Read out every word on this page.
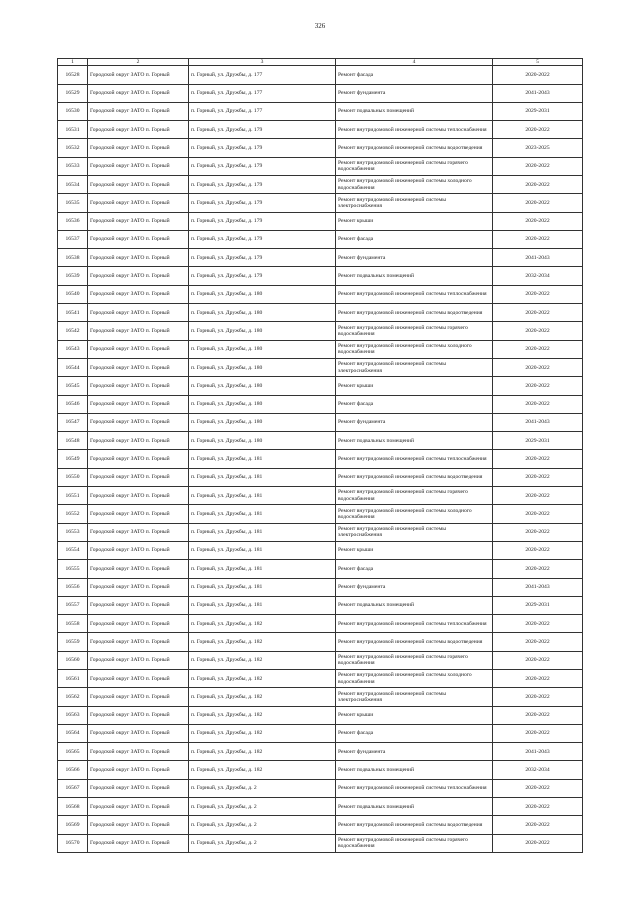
326
1	2	3	4	5
16528	Городской округ ЗАТО п. Горный	п. Горный, ул. Дружбы, д. 177	Ремонт фасада	2020-2022
16529	Городской округ ЗАТО п. Горный	п. Горный, ул. Дружбы, д. 177	Ремонт фундамента	2041-2043
16530	Городской округ ЗАТО п. Горный	п. Горный, ул. Дружбы, д. 177	Ремонт подвальных помещений	2029-2031
16531	Городской округ ЗАТО п. Горный	п. Горный, ул. Дружбы, д. 179	Ремонт внутридомовой инженерной системы теплоснабжения	2020-2022
16532	Городской округ ЗАТО п. Горный	п. Горный, ул. Дружбы, д. 179	Ремонт внутридомовой инженерной системы водоотведения	2023-2025
16533	Городской округ ЗАТО п. Горный	п. Горный, ул. Дружбы, д. 179	Ремонт внутридомовой инженерной системы горячего водоснабжения	2020-2022
16534	Городской округ ЗАТО п. Горный	п. Горный, ул. Дружбы, д. 179	Ремонт внутридомовой инженерной системы холодного водоснабжения	2020-2022
16535	Городской округ ЗАТО п. Горный	п. Горный, ул. Дружбы, д. 179	Ремонт внутридомовой инженерной системы электроснабжения	2020-2022
16536	Городской округ ЗАТО п. Горный	п. Горный, ул. Дружбы, д. 179	Ремонт крыши	2020-2022
16537	Городской округ ЗАТО п. Горный	п. Горный, ул. Дружбы, д. 179	Ремонт фасада	2020-2022
16538	Городской округ ЗАТО п. Горный	п. Горный, ул. Дружбы, д. 179	Ремонт фундамента	2041-2043
16539	Городской округ ЗАТО п. Горный	п. Горный, ул. Дружбы, д. 179	Ремонт подвальных помещений	2032-2034
16540	Городской округ ЗАТО п. Горный	п. Горный, ул. Дружбы, д. 180	Ремонт внутридомовой инженерной системы теплоснабжения	2020-2022
16541	Городской округ ЗАТО п. Горный	п. Горный, ул. Дружбы, д. 180	Ремонт внутридомовой инженерной системы водоотведения	2020-2022
16542	Городской округ ЗАТО п. Горный	п. Горный, ул. Дружбы, д. 180	Ремонт внутридомовой инженерной системы горячего водоснабжения	2020-2022
16543	Городской округ ЗАТО п. Горный	п. Горный, ул. Дружбы, д. 180	Ремонт внутридомовой инженерной системы холодного водоснабжения	2020-2022
16544	Городской округ ЗАТО п. Горный	п. Горный, ул. Дружбы, д. 180	Ремонт внутридомовой инженерной системы электроснабжения	2020-2022
16545	Городской округ ЗАТО п. Горный	п. Горный, ул. Дружбы, д. 180	Ремонт крыши	2020-2022
16546	Городской округ ЗАТО п. Горный	п. Горный, ул. Дружбы, д. 180	Ремонт фасада	2020-2022
16547	Городской округ ЗАТО п. Горный	п. Горный, ул. Дружбы, д. 180	Ремонт фундамента	2041-2043
16548	Городской округ ЗАТО п. Горный	п. Горный, ул. Дружбы, д. 180	Ремонт подвальных помещений	2029-2031
16549	Городской округ ЗАТО п. Горный	п. Горный, ул. Дружбы, д. 181	Ремонт внутридомовой инженерной системы теплоснабжения	2020-2022
16550	Городской округ ЗАТО п. Горный	п. Горный, ул. Дружбы, д. 181	Ремонт внутридомовой инженерной системы водоотведения	2020-2022
16551	Городской округ ЗАТО п. Горный	п. Горный, ул. Дружбы, д. 181	Ремонт внутридомовой инженерной системы горячего водоснабжения	2020-2022
16552	Городской округ ЗАТО п. Горный	п. Горный, ул. Дружбы, д. 181	Ремонт внутридомовой инженерной системы холодного водоснабжения	2020-2022
16553	Городской округ ЗАТО п. Горный	п. Горный, ул. Дружбы, д. 181	Ремонт внутридомовой инженерной системы электроснабжения	2020-2022
16554	Городской округ ЗАТО п. Горный	п. Горный, ул. Дружбы, д. 181	Ремонт крыши	2020-2022
16555	Городской округ ЗАТО п. Горный	п. Горный, ул. Дружбы, д. 181	Ремонт фасада	2020-2022
16556	Городской округ ЗАТО п. Горный	п. Горный, ул. Дружбы, д. 181	Ремонт фундамента	2041-2043
16557	Городской округ ЗАТО п. Горный	п. Горный, ул. Дружбы, д. 181	Ремонт подвальных помещений	2029-2031
16558	Городской округ ЗАТО п. Горный	п. Горный, ул. Дружбы, д. 182	Ремонт внутридомовой инженерной системы теплоснабжения	2020-2022
16559	Городской округ ЗАТО п. Горный	п. Горный, ул. Дружбы, д. 182	Ремонт внутридомовой инженерной системы водоотведения	2020-2022
16560	Городской округ ЗАТО п. Горный	п. Горный, ул. Дружбы, д. 182	Ремонт внутридомовой инженерной системы горячего водоснабжения	2020-2022
16561	Городской округ ЗАТО п. Горный	п. Горный, ул. Дружбы, д. 182	Ремонт внутридомовой инженерной системы холодного водоснабжения	2020-2022
16562	Городской округ ЗАТО п. Горный	п. Горный, ул. Дружбы, д. 182	Ремонт внутридомовой инженерной системы электроснабжения	2020-2022
16563	Городской округ ЗАТО п. Горный	п. Горный, ул. Дружбы, д. 182	Ремонт крыши	2020-2022
16564	Городской округ ЗАТО п. Горный	п. Горный, ул. Дружбы, д. 182	Ремонт фасада	2020-2022
16565	Городской округ ЗАТО п. Горный	п. Горный, ул. Дружбы, д. 182	Ремонт фундамента	2041-2043
16566	Городской округ ЗАТО п. Горный	п. Горный, ул. Дружбы, д. 182	Ремонт подвальных помещений	2032-2034
16567	Городской округ ЗАТО п. Горный	п. Горный, ул. Дружбы, д. 2	Ремонт внутридомовой инженерной системы теплоснабжения	2020-2022
16568	Городской округ ЗАТО п. Горный	п. Горный, ул. Дружбы, д. 2	Ремонт подвальных помещений	2020-2022
16569	Городской округ ЗАТО п. Горный	п. Горный, ул. Дружбы, д. 2	Ремонт внутридомовой инженерной системы водоотведения	2020-2022
16570	Городской округ ЗАТО п. Горный	п. Горный, ул. Дружбы, д. 2	Ремонт внутридомовой инженерной системы горячего водоснабжения	2020-2022
